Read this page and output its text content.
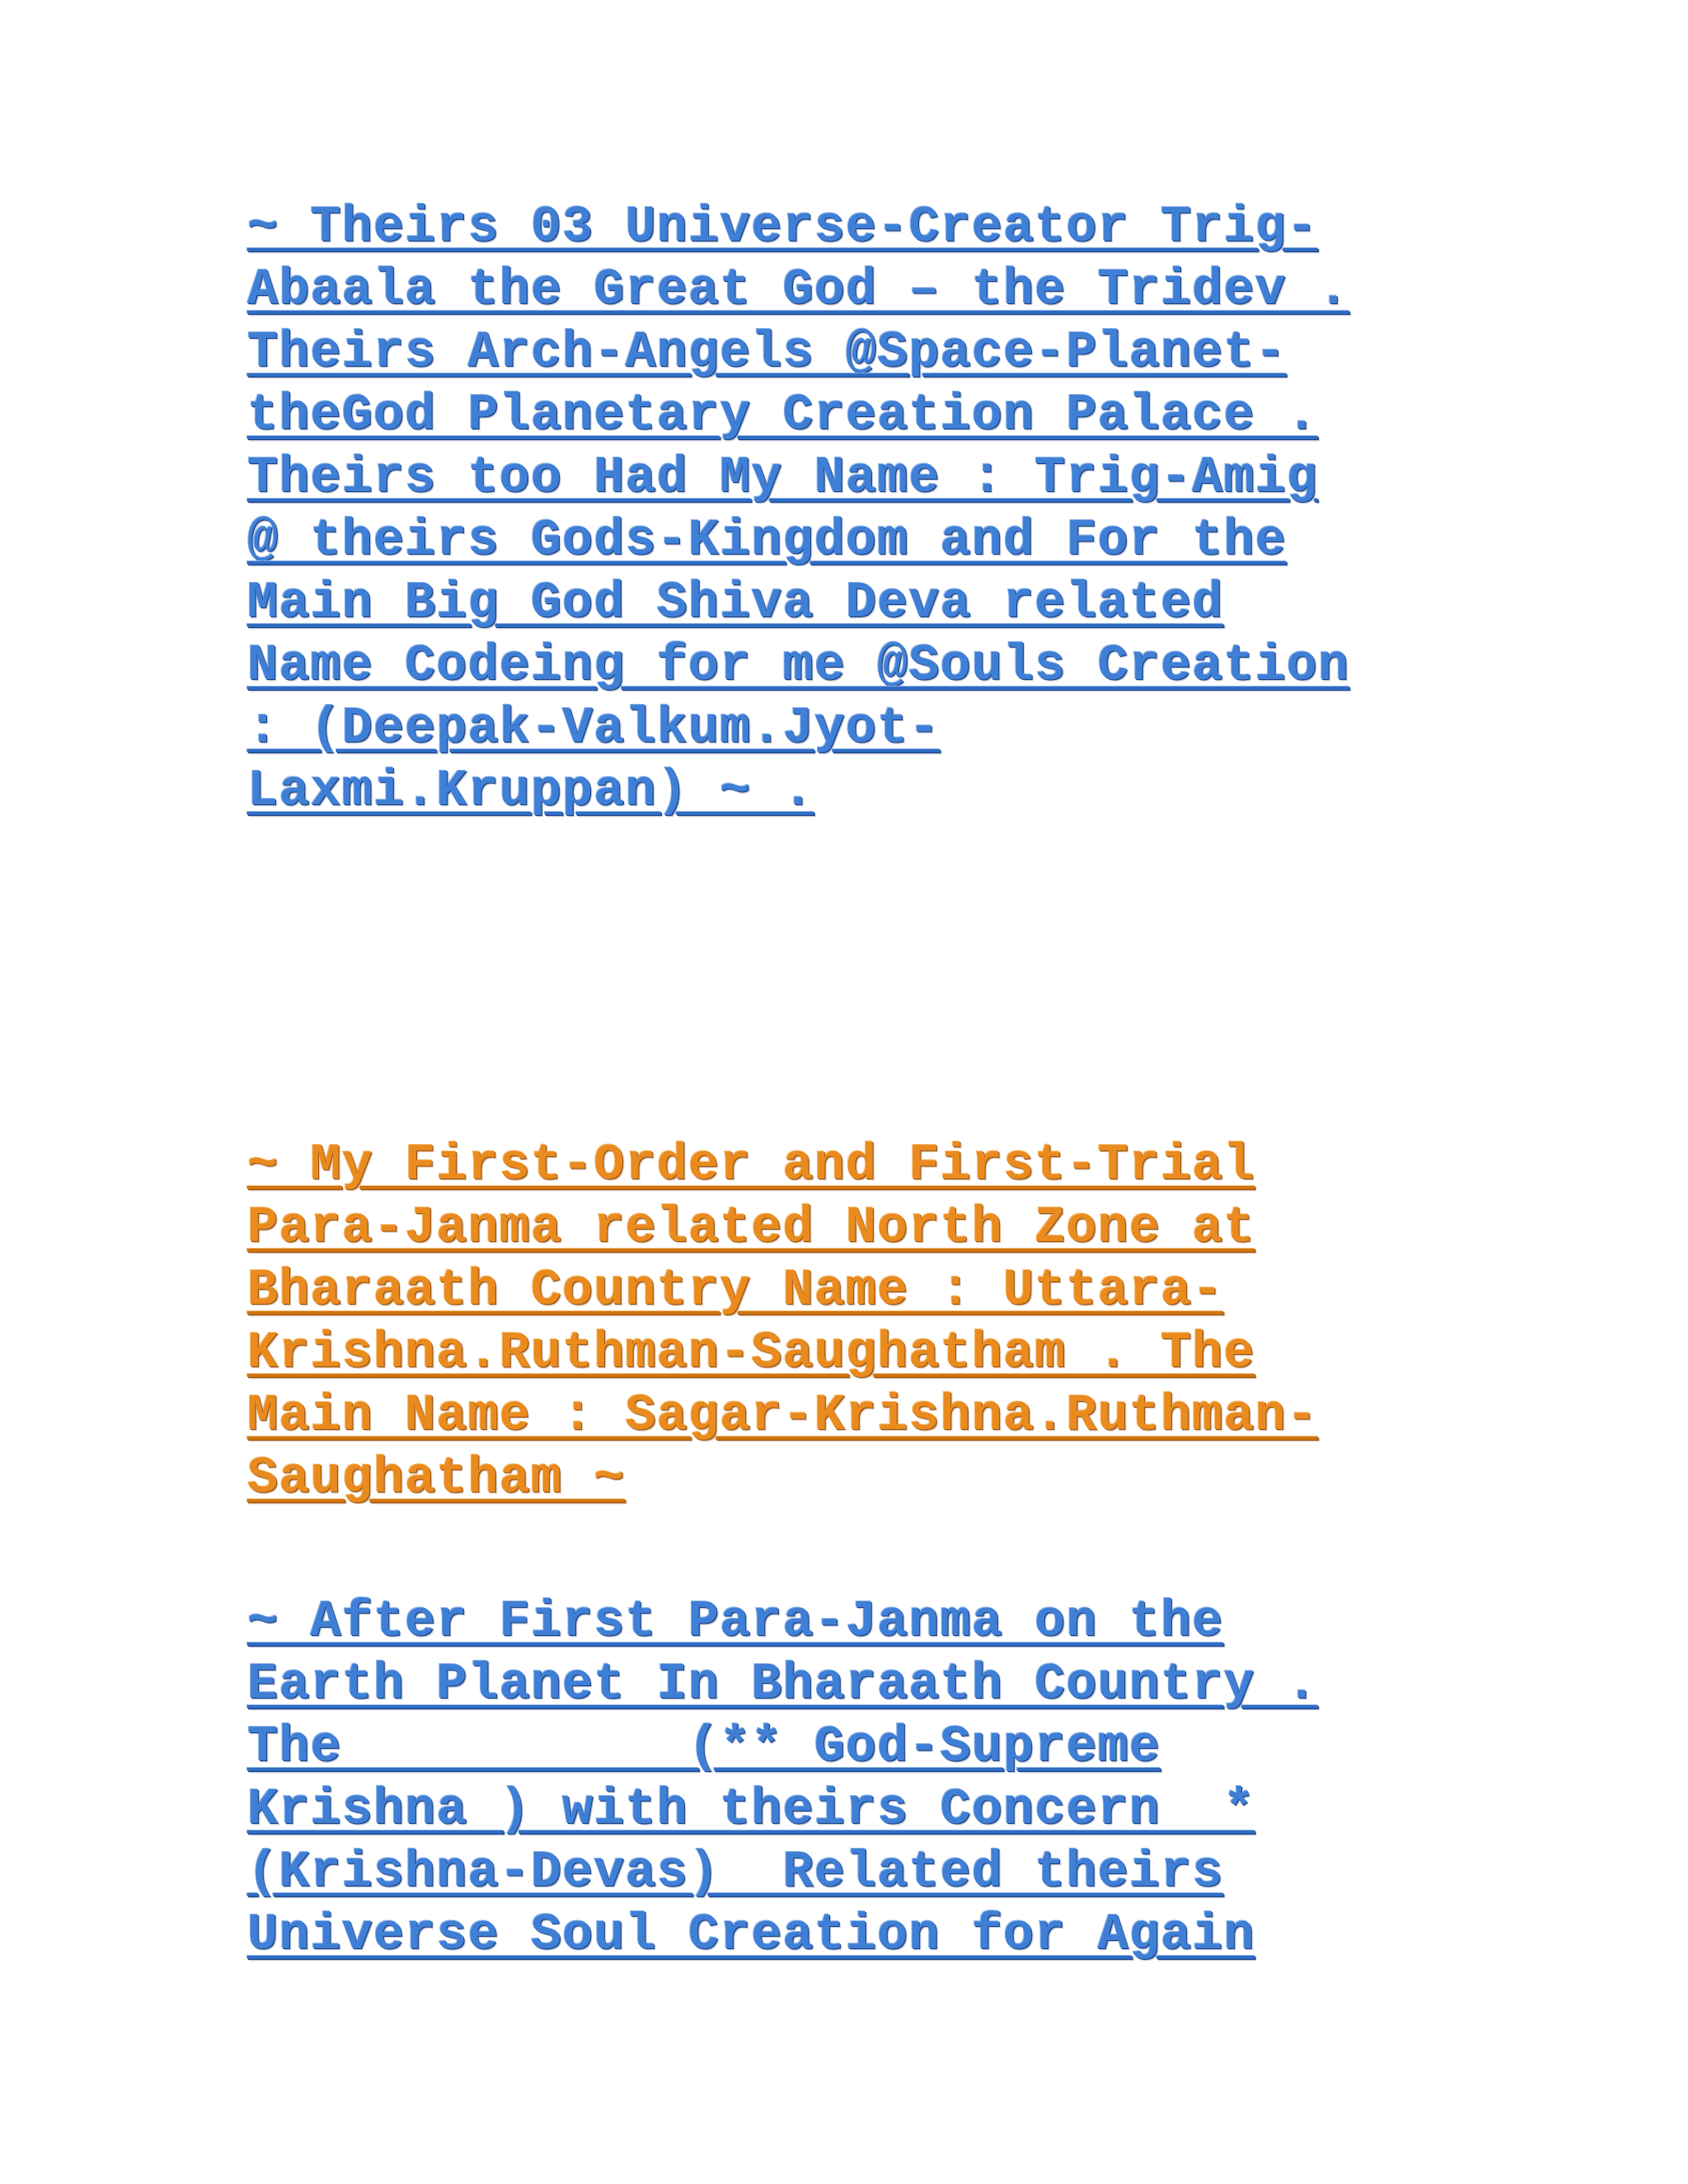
~ Theirs 03 Universe-Creator Trig-
Abaala the Great God – the Tridev .
Theirs Arch-Angels @Space-Planet-
theGod Planetary Creation Palace .
Theirs too Had My Name : Trig-Amig
@ theirs Gods-Kingdom and For the
Main Big God Shiva Deva related
Name Codeing for me @Souls Creation
: (Deepak-Valkum.Jyot-
Laxmi.Kruppan) ~ .
~ My First-Order and First-Trial
Para-Janma related North Zone at
Bharaath Country Name : Uttara-
Krishna.Ruthman-Saughatham . The
Main Name : Sagar-Krishna.Ruthman-
Saughatham ~
~ After First Para-Janma on the
Earth Planet In Bharaath Country .
The           (** God-Supreme
Krishna ) with theirs Concern  *
(Krishna-Devas)  Related theirs
Universe Soul Creation for Again
